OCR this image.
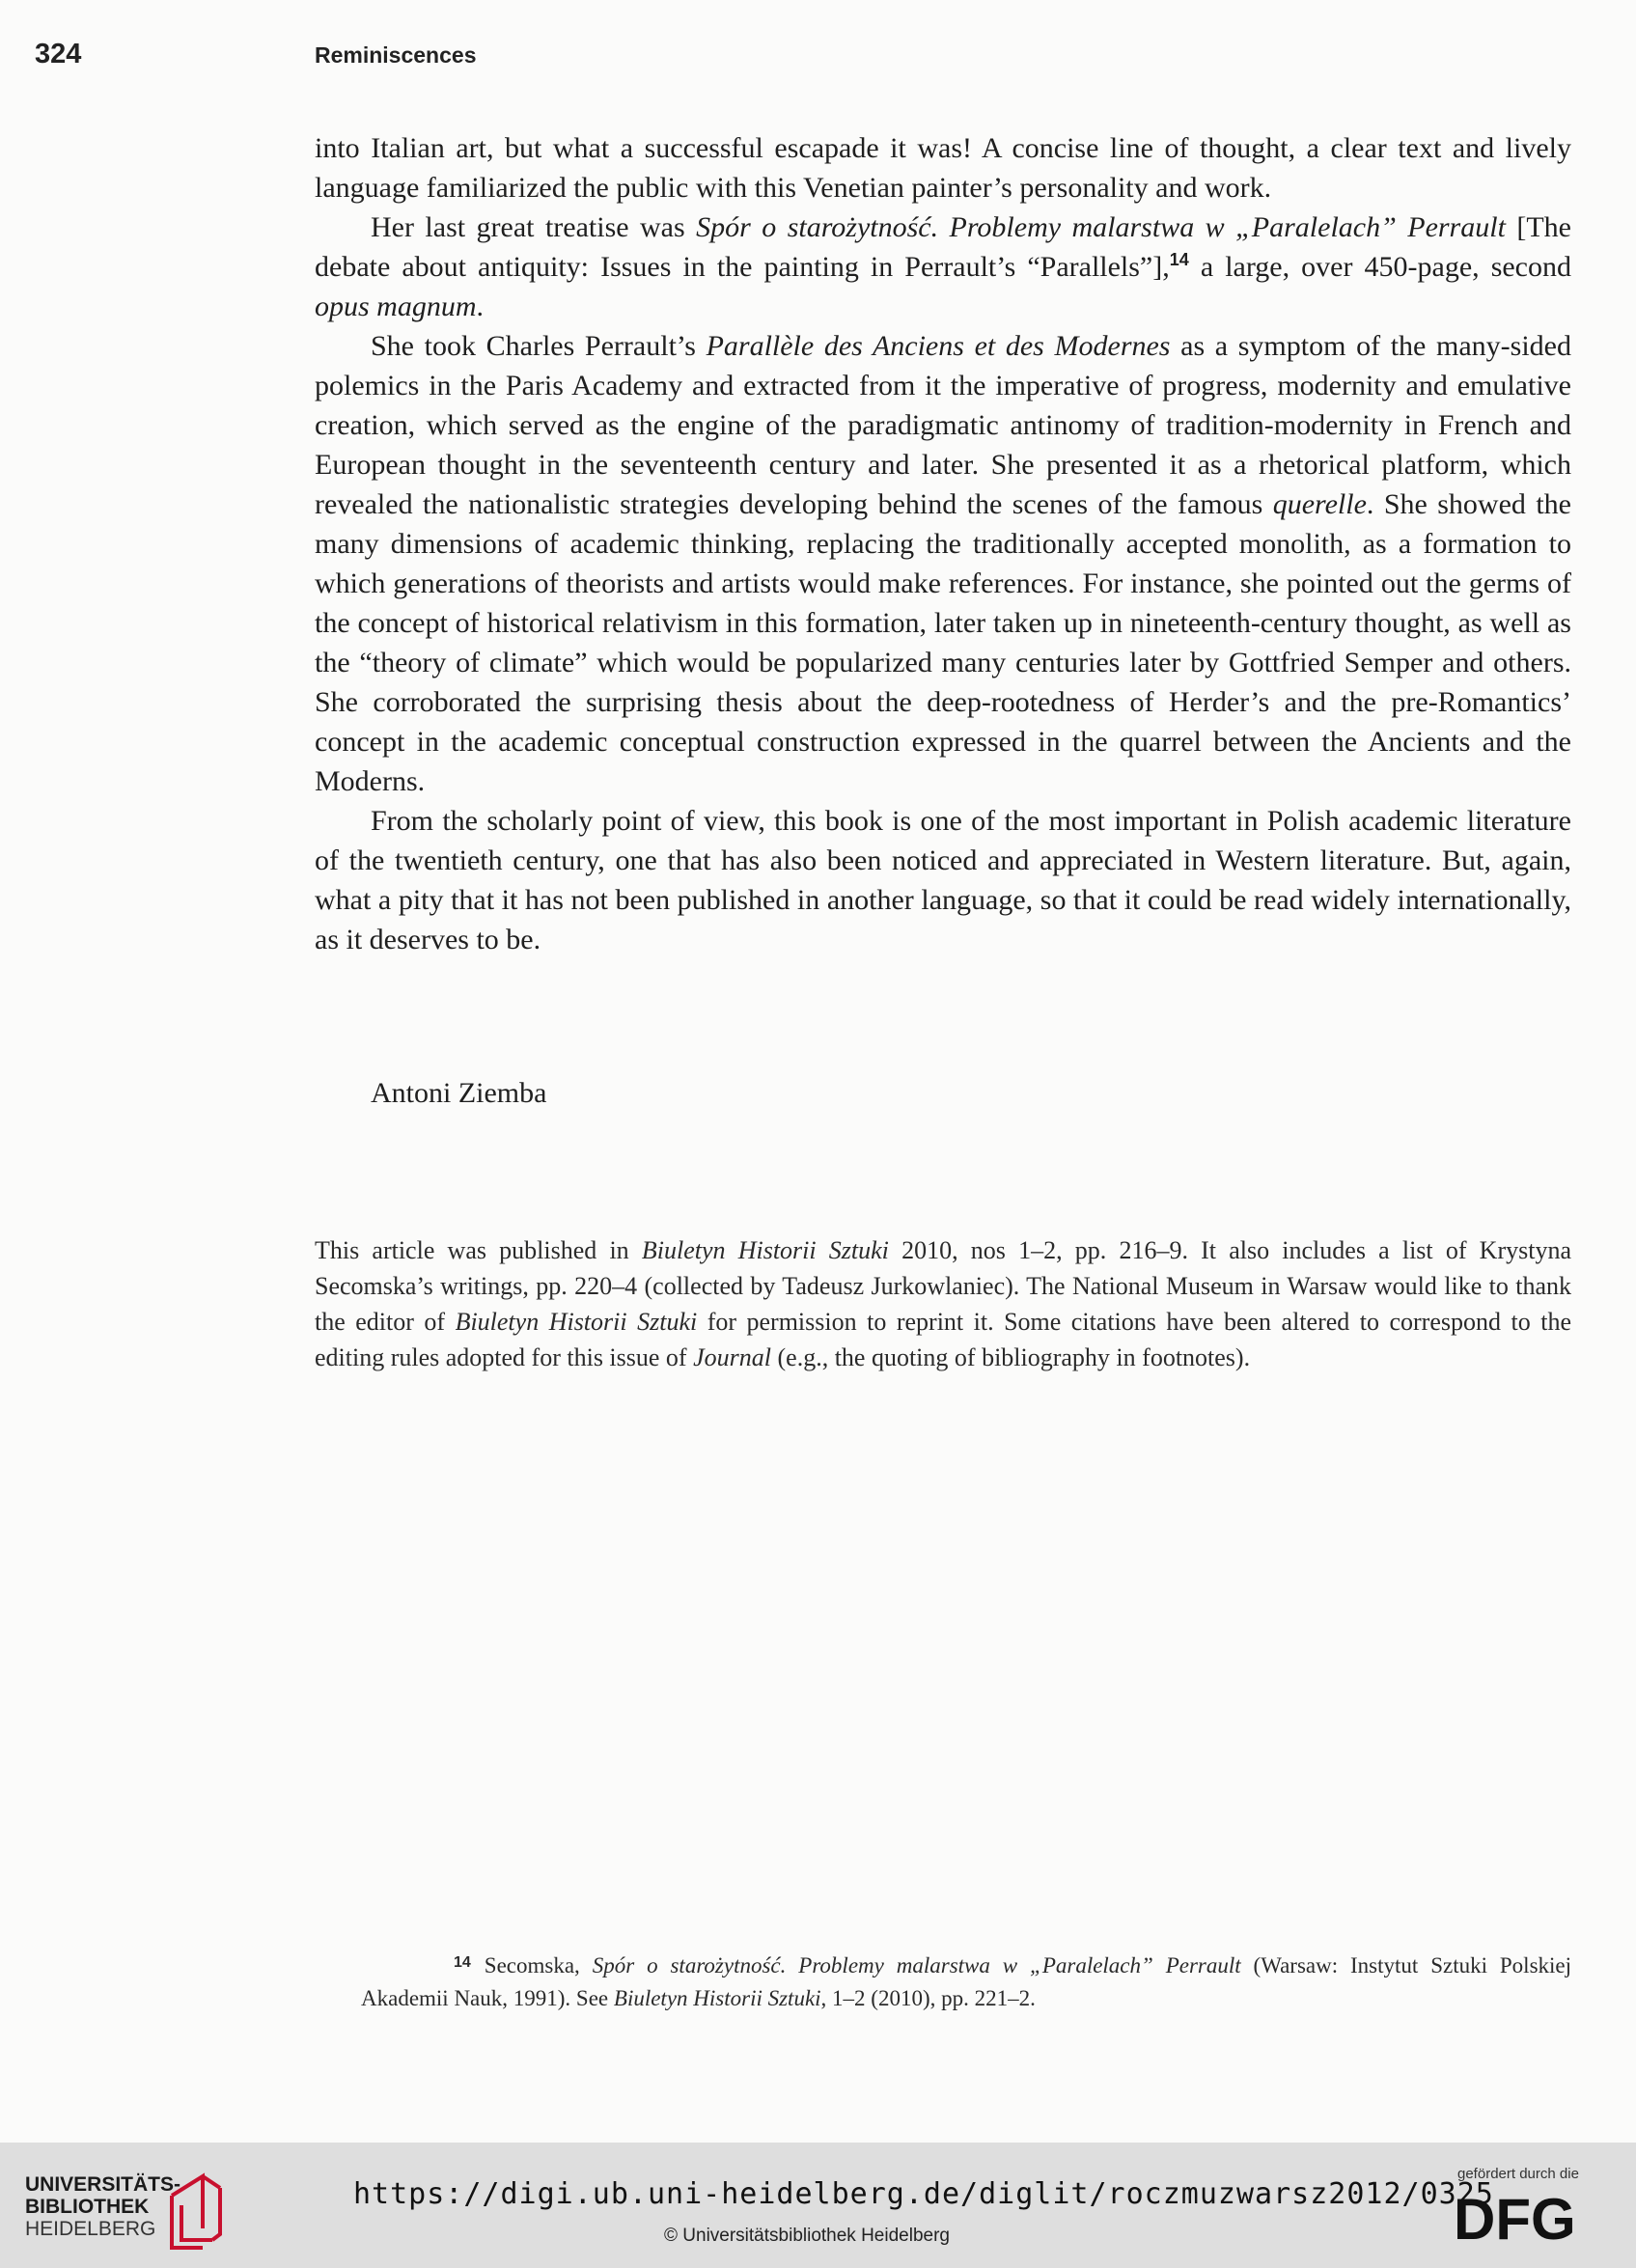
324	Reminiscences

into Italian art, but what a successful escapade it was! A concise line of thought, a clear text and lively language familiarized the public with this Venetian painter’s personality and work.

Her last great treatise was Spór o starożytność. Problemy malarstwa w „Paralelach” Perrault [The debate about antiquity: Issues in the painting in Perrault’s “Parallels”],$^{14}$ a large, over 450-page, second opus magnum.

She took Charles Perrault’s Parallèle des Anciens et des Modernes as a symptom of the many-sided polemics in the Paris Academy and extracted from it the imperative of progress, modernity and emulative creation, which served as the engine of the paradigmatic antinomy of tradition-modernity in French and European thought in the seventeenth century and later. She presented it as a rhetorical platform, which revealed the nationalistic strategies developing behind the scenes of the famous querelle. She showed the many dimensions of academic thinking, replacing the traditionally accepted monolith, as a formation to which generations of theorists and artists would make references. For instance, she pointed out the germs of the concept of historical relativism in this formation, later taken up in nineteenth-century thought, as well as the “theory of climate” which would be popularized many centuries later by Gottfried Semper and others. She corroborated the surprising thesis about the deep-rootedness of Herder’s and the pre-Romantics’ concept in the academic conceptual construction expressed in the quarrel between the Ancients and the Moderns.

From the scholarly point of view, this book is one of the most important in Polish academic literature of the twentieth century, one that has also been noticed and appreciated in Western literature. But, again, what a pity that it has not been published in another language, so that it could be read widely internationally, as it deserves to be.

Antoni Ziemba
This article was published in Biuletyn Historii Sztuki 2010, nos 1–2, pp. 216–9. It also includes a list of Krystyna Secomska’s writings, pp. 220–4 (collected by Tadeusz Jurkowlaniec). The National Museum in Warsaw would like to thank the editor of Biuletyn Historii Sztuki for permission to reprint it. Some citations have been altered to correspond to the editing rules adopted for this issue of Journal (e.g., the quoting of bibliography in footnotes).
$^{14}$ Secomska, Spór o starożytność. Problemy malarstwa w „Paralelach” Perrault (Warsaw: Instytut Sztuki Polskiej Akademii Nauk, 1991). See Biuletyn Historii Sztuki, 1–2 (2010), pp. 221–2.
UNIVERSITÄTS-
BIBLIOTHEK
HEIDELBERG
https://digi.ub.uni-heidelberg.de/diglit/roczmuzwarsz2012/0325
© Universitätsbibliothek Heidelberg
gefördert durch die
DFG
